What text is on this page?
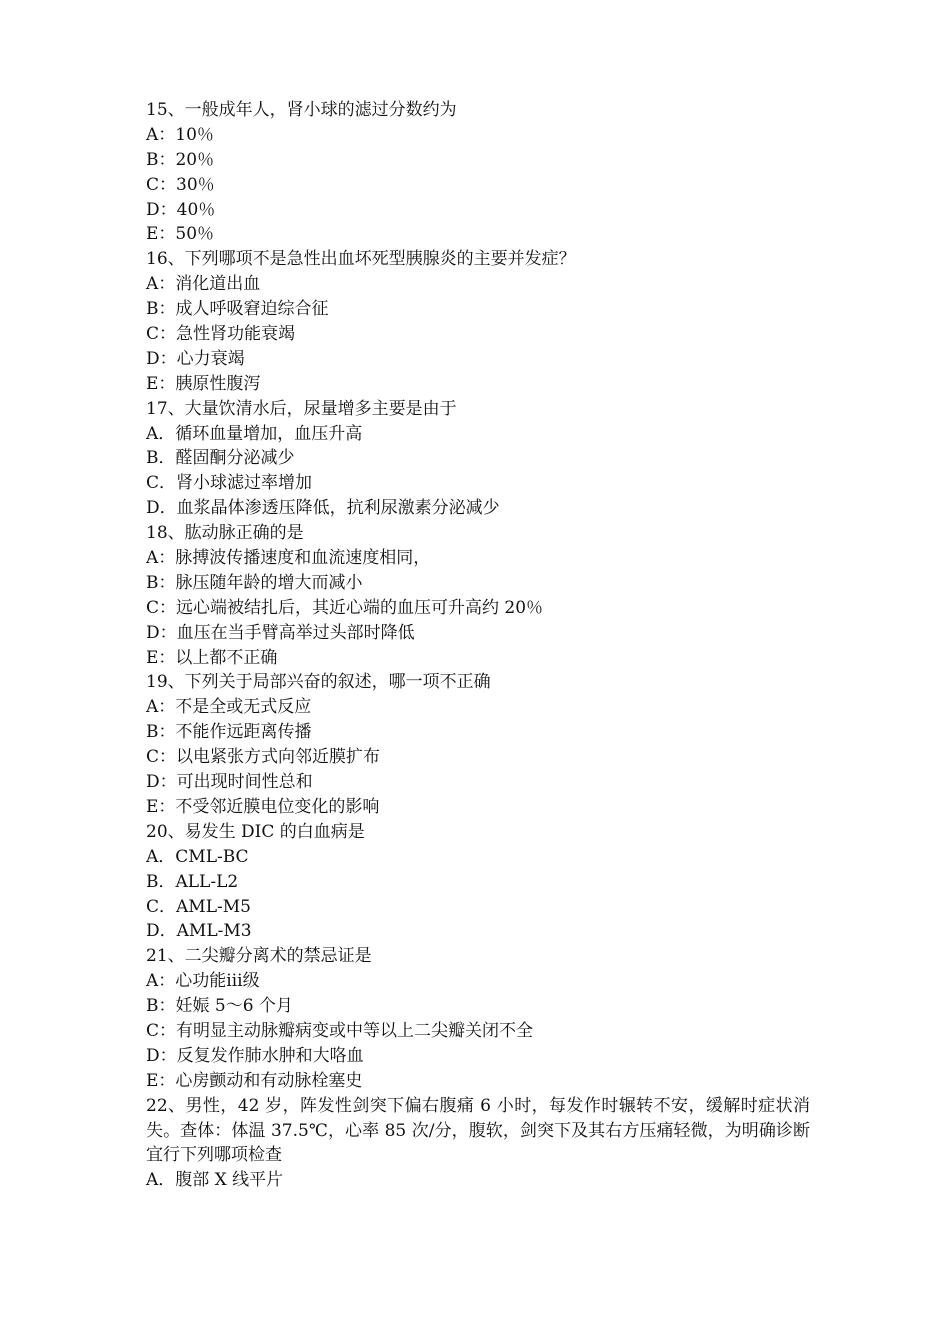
15、一般成年人，肾小球的滤过分数约为
A：10％
B：20％
C：30％
D：40％
E：50％
16、下列哪项不是急性出血坏死型胰腺炎的主要并发症？
A：消化道出血
B：成人呼吸窘迫综合征
C：急性肾功能衰竭
D：心力衰竭
E：胰原性腹泻
17、大量饮清水后，尿量增多主要是由于
A．循环血量增加，血压升高
B．醛固酮分泌减少
C．肾小球滤过率增加
D．血浆晶体渗透压降低，抗利尿激素分泌减少
18、肱动脉正确的是
A：脉搏波传播速度和血流速度相同，
B：脉压随年龄的增大而减小
C：远心端被结扎后，其近心端的血压可升高约 20％
D：血压在当手臂高举过头部时降低
E：以上都不正确
19、下列关于局部兴奋的叙述，哪一项不正确
A：不是全或无式反应
B：不能作远距离传播
C：以电紧张方式向邻近膜扩布
D：可出现时间性总和
E：不受邻近膜电位变化的影响
20、易发生 DIC 的白血病是
A．CML-BC
B．ALL-L2
C．AML-M5
D．AML-M3
21、二尖瓣分离术的禁忌证是
A：心功能ⅲ级
B：妊娠 5～6 个月
C：有明显主动脉瓣病变或中等以上二尖瓣关闭不全
D：反复发作肺水肿和大咯血
E：心房颤动和有动脉栓塞史
22、男性，42 岁，阵发性剑突下偏右腹痛 6 小时，每发作时辗转不安，缓解时症状消失。查体：体温 37.5℃，心率 85 次/分，腹软，剑突下及其右方压痛轻微，为明确诊断宜行下列哪项检查
A．腹部 X 线平片
